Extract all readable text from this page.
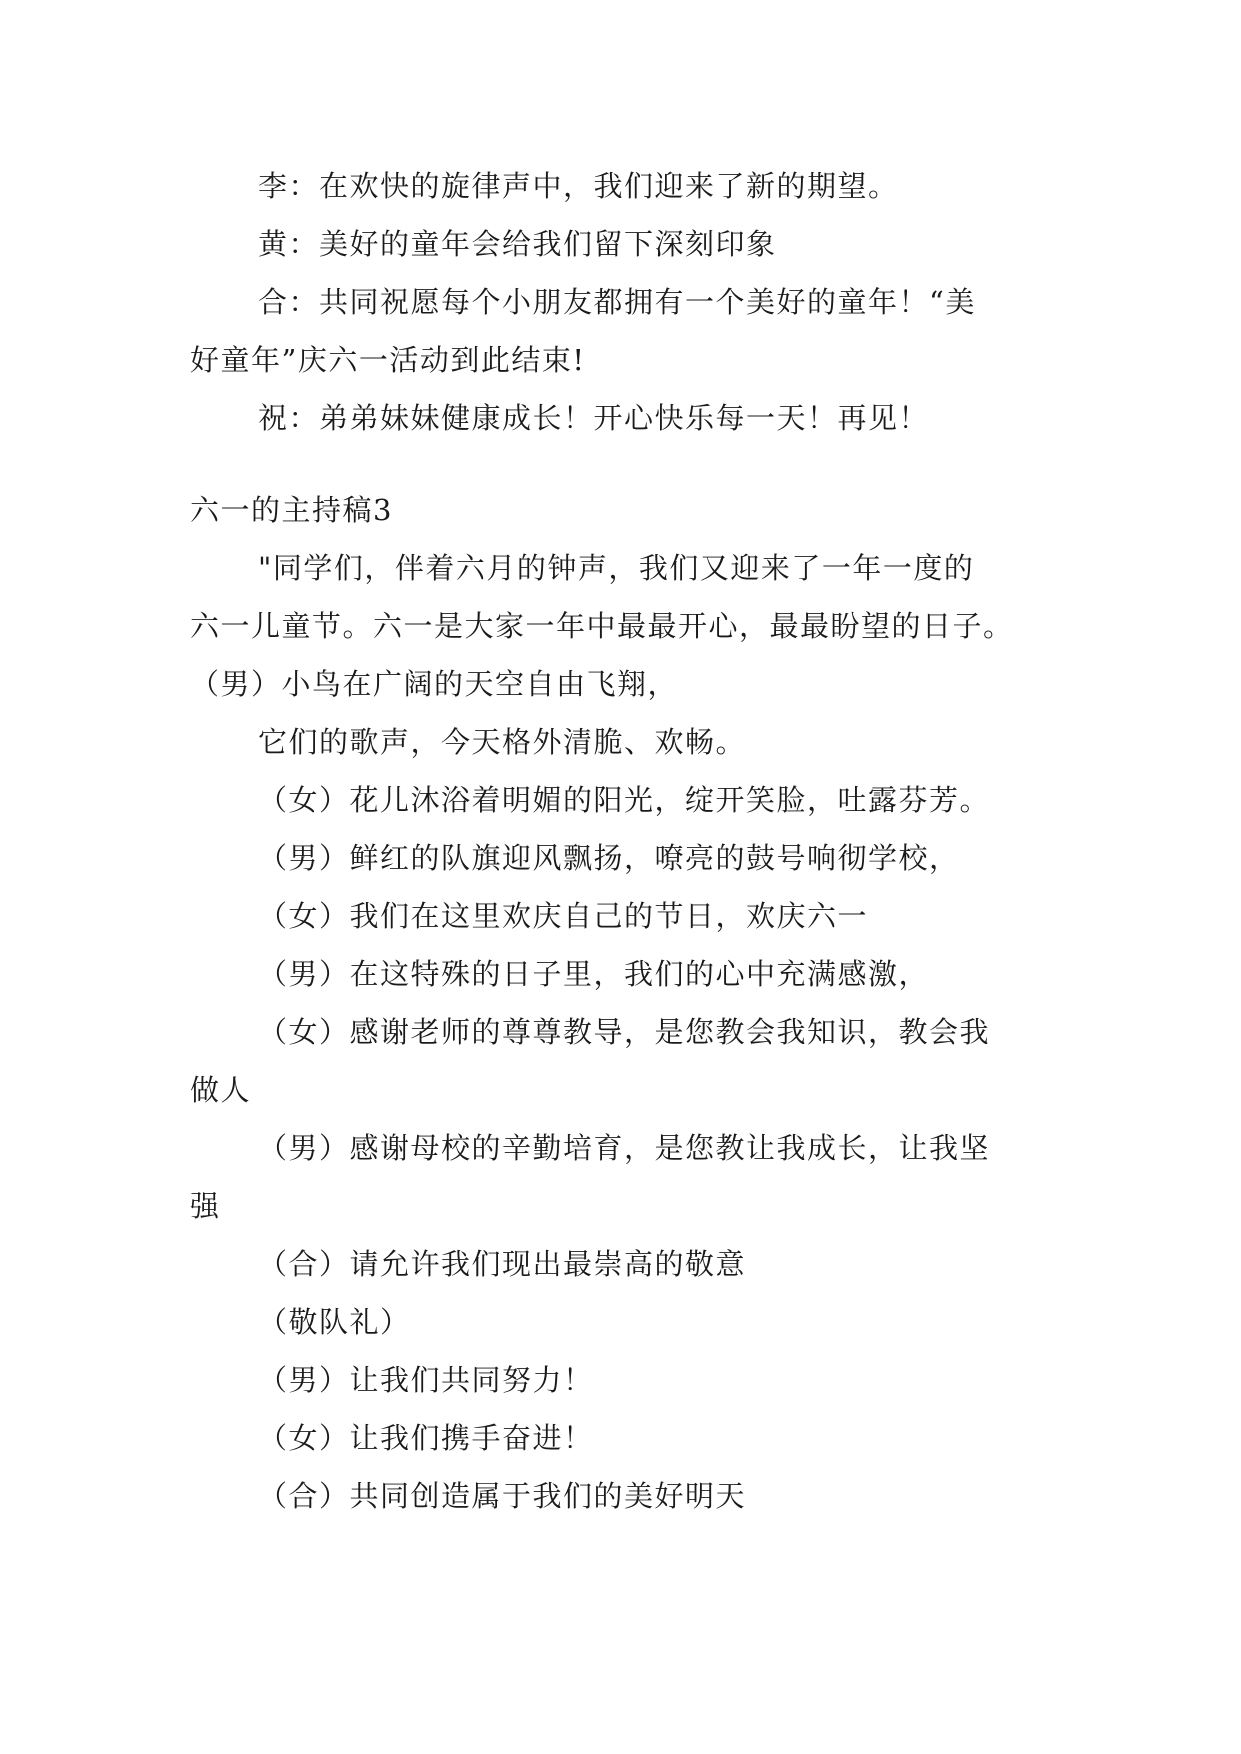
李：在欢快的旋律声中，我们迎来了新的期望。
黄：美好的童年会给我们留下深刻印象
合：共同祝愿每个小朋友都拥有一个美好的童年！“美
好童年”庆六一活动到此结束!
祝：弟弟妹妹健康成长！开心快乐每一天！再见！
六一的主持稿3
"同学们，伴着六月的钟声，我们又迎来了一年一度的
六一儿童节。六一是大家一年中最最开心，最最盼望的日子。
（男）小鸟在广阔的天空自由飞翔，
它们的歌声，今天格外清脆、欢畅。
（女）花儿沐浴着明媚的阳光，绽开笑脸，吐露芬芳。
（男）鲜红的队旗迎风飘扬，嘹亮的鼓号响彻学校，
（女）我们在这里欢庆自己的节日，欢庆六一
（男）在这特殊的日子里，我们的心中充满感激，
（女）感谢老师的尊尊教导，是您教会我知识，教会我
做人
（男）感谢母校的辛勤培育，是您教让我成长，让我坚
强
（合）请允许我们现出最崇高的敬意
（敬队礼）
（男）让我们共同努力！
（女）让我们携手奋进！
（合）共同创造属于我们的美好明天
